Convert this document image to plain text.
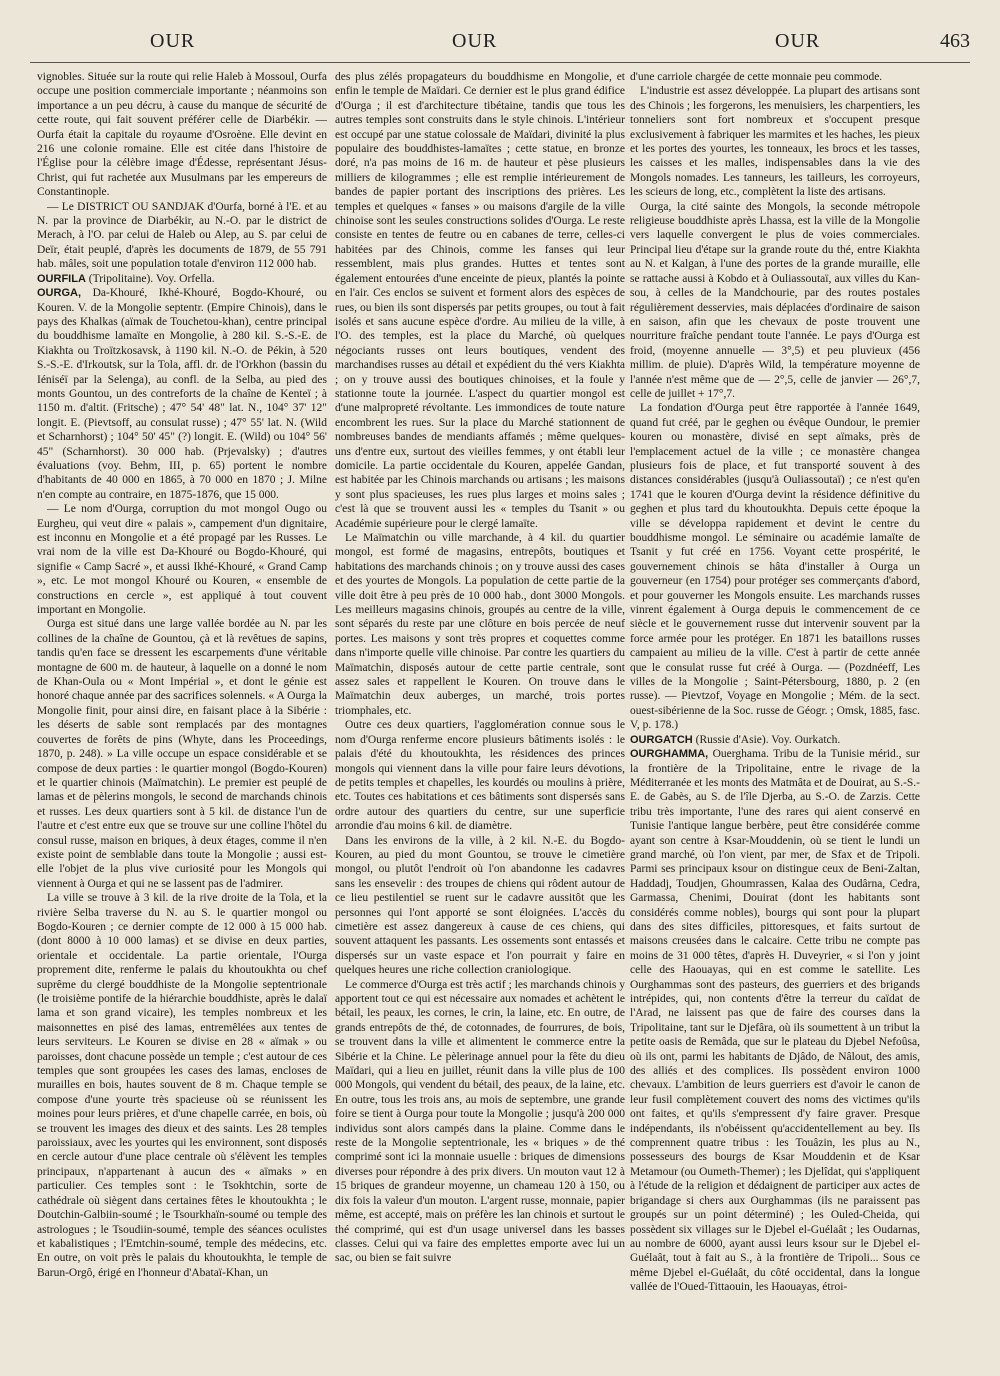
OUR	OUR	OUR	463

vignobles. Située sur la route qui relie Haleb à Mossoul, Ourfa occupe une position commerciale importante ; néanmoins son importance a un peu décru, à cause du manque de sécurité de cette route, qui fait souvent préférer celle de Diarbékir. — Ourfa était la capitale du royaume d'Osroène. Elle devint en 216 une colonie romaine. Elle est citée dans l'histoire de l'Église pour la célèbre image d'Édesse, représentant Jésus-Christ, qui fut rachetée aux Musulmans par les empereurs de Constantinople.

— Le DISTRICT OU SANDJAK d'Ourfa, borné à l'E. et au N. par la province de Diarbékir, au N.-O. par le district de Merach, à l'O. par celui de Haleb ou Alep, au S. par celui de Deïr, était peuplé, d'après les documents de 1879, de 55 791 hab. mâles, soit une population totale d'environ 112 000 hab.

OURFILA (Tripolitaine). Voy. Orfella.

OURGA, Da-Khouré, Ikhé-Khouré, Bogdo-Khouré, ou Kouren. V. de la Mongolie septentr. (Empire Chinois), dans le pays des Khalkas (aïmak de Touchetou-khan), centre principal du bouddhisme lamaïte en Mongolie, à 280 kil. S.-S.-E. de Kiakhta ou Troïtzkosavsk, à 1190 kil. N.-O. de Pékin, à 520 S.-S.-E. d'Irkoutsk, sur la Tola, affl. dr. de l'Orkhon (bassin du Iéniséï par la Selenga), au confl. de la Selba, au pied des monts Gountou, un des contreforts de la chaîne de Kenteï ; à 1150 m. d'altit. (Fritsche) ; 47° 54' 48" lat. N., 104° 37' 12" longit. E. (Pievtsoff, au consulat russe) ; 47° 55' lat. N. (Wild et Scharnhorst) ; 104° 50' 45" (?) longit. E. (Wild) ou 104° 56' 45" (Scharnhorst). 30 000 hab. (Prjevalsky) ; d'autres évaluations (voy. Behm, III, p. 65) portent le nombre d'habitants de 40 000 en 1865, à 70 000 en 1870 ; J. Milne n'en compte au contraire, en 1875-1876, que 15 000.

— Le nom d'Ourga, corruption du mot mongol Ougo ou Eurgheu, qui veut dire « palais », campement d'un dignitaire, est inconnu en Mongolie et a été propagé par les Russes. Le vrai nom de la ville est Da-Khouré ou Bogdo-Khouré, qui signifie « Camp Sacré », et aussi Ikhé-Khouré, « Grand Camp », etc. Le mot mongol Khouré ou Kouren, « ensemble de constructions en cercle », est appliqué à tout couvent important en Mongolie.

Ourga est situé dans une large vallée bordée au N. par les collines de la chaîne de Gountou, çà et là revêtues de sapins, tandis qu'en face se dressent les escarpements d'une véritable montagne de 600 m. de hauteur, à laquelle on a donné le nom de Khan-Oula ou « Mont Impérial », et dont le génie est honoré chaque année par des sacrifices solennels. « A Ourga la Mongolie finit, pour ainsi dire, en faisant place à la Sibérie : les déserts de sable sont remplacés par des montagnes couvertes de forêts de pins (Whyte, dans les Proceedings, 1870, p. 248). » La ville occupe un espace considérable et se compose de deux parties : le quartier mongol (Bogdo-Kouren) et le quartier chinois (Maïmatchin). Le premier est peuplé de lamas et de pèlerins mongols, le second de marchands chinois et russes. Les deux quartiers sont à 5 kil. de distance l'un de l'autre et c'est entre eux que se trouve sur une colline l'hôtel du consul russe, maison en briques, à deux étages, comme il n'en existe point de semblable dans toute la Mongolie ; aussi est-elle l'objet de la plus vive curiosité pour les Mongols qui viennent à Ourga et qui ne se lassent pas de l'admirer.

La ville se trouve à 3 kil. de la rive droite de la Tola, et la rivière Selba traverse du N. au S. le quartier mongol ou Bogdo-Kouren ; ce dernier compte de 12 000 à 15 000 hab. (dont 8000 à 10 000 lamas) et se divise en deux parties, orientale et occidentale. La partie orientale, l'Ourga proprement dite, renferme le palais du khoutoukhta ou chef suprême du clergé bouddhiste de la Mongolie septentrionale (le troisième pontife de la hiérarchie bouddhiste, après le dalaï lama et son grand vicaire), les temples nombreux et les maisonnettes en pisé des lamas, entremêlées aux tentes de leurs serviteurs. Le Kouren se divise en 28 « aïmak » ou paroisses, dont chacune possède un temple ; c'est autour de ces temples que sont groupées les cases des lamas, encloses de murailles en bois, hautes souvent de 8 m. Chaque temple se compose d'une yourte très spacieuse où se réunissent les moines pour leurs prières, et d'une chapelle carrée, en bois, où se trouvent les images des dieux et des saints. Les 28 temples paroissiaux, avec les yourtes qui les environnent, sont disposés en cercle autour d'une place centrale où s'élèvent les temples principaux, n'appartenant à aucun des « aïmaks » en particulier. Ces temples sont : le Tsokhtchin, sorte de cathédrale où siègent dans certaines fêtes le khoutoukhta ; le Doutchin-Galbiin-soumé ; le Tsourkhaïn-soumé ou temple des astrologues ; le Tsoudiin-soumé, temple des séances oculistes et kabalistiques ; l'Emtchin-soumé, temple des médecins, etc. En outre, on voit près le palais du khoutoukhta, le temple de Barun-Orgô, érigé en l'honneur d'Abataï-Khan, un

des plus zélés propagateurs du bouddhisme en Mongolie, et enfin le temple de Maïdari. Ce dernier est le plus grand édifice d'Ourga ; il est d'architecture tibétaine, tandis que tous les autres temples sont construits dans le style chinois. L'intérieur est occupé par une statue colossale de Maïdari, divinité la plus populaire des bouddhistes-lamaïtes ; cette statue, en bronze doré, n'a pas moins de 16 m. de hauteur et pèse plusieurs milliers de kilogrammes ; elle est remplie intérieurement de bandes de papier portant des inscriptions des prières. Les temples et quelques « fanses » ou maisons d'argile de la ville chinoise sont les seules constructions solides d'Ourga. Le reste consiste en tentes de feutre ou en cabanes de terre, celles-ci habitées par des Chinois, comme les fanses qui leur ressemblent, mais plus grandes. Huttes et tentes sont également entourées d'une enceinte de pieux, plantés la pointe en l'air. Ces enclos se suivent et forment alors des espèces de rues, ou bien ils sont dispersés par petits groupes, ou tout à fait isolés et sans aucune espèce d'ordre. Au milieu de la ville, à l'O. des temples, est la place du Marché, où quelques négociants russes ont leurs boutiques, vendent des marchandises russes au détail et expédient du thé vers Kiakhta ; on y trouve aussi des boutiques chinoises, et la foule y stationne toute la journée. L'aspect du quartier mongol est d'une malpropreté révoltante. Les immondices de toute nature encombrent les rues. Sur la place du Marché stationnent de nombreuses bandes de mendiants affamés ; même quelques-uns d'entre eux, surtout des vieilles femmes, y ont établi leur domicile. La partie occidentale du Kouren, appelée Gandan, est habitée par les Chinois marchands ou artisans ; les maisons y sont plus spacieuses, les rues plus larges et moins sales ; c'est là que se trouvent aussi les « temples du Tsanit » ou Académie supérieure pour le clergé lamaïte.

Le Maïmatchin ou ville marchande, à 4 kil. du quartier mongol, est formé de magasins, entrepôts, boutiques et habitations des marchands chinois ; on y trouve aussi des cases et des yourtes de Mongols. La population de cette partie de la ville doit être à peu près de 10 000 hab., dont 3000 Mongols. Les meilleurs magasins chinois, groupés au centre de la ville, sont séparés du reste par une clôture en bois percée de neuf portes. Les maisons y sont très propres et coquettes comme dans n'importe quelle ville chinoise. Par contre les quartiers du Maïmatchin, disposés autour de cette partie centrale, sont assez sales et rappellent le Kouren. On trouve dans le Maïmatchin deux auberges, un marché, trois portes triomphales, etc.

Outre ces deux quartiers, l'agglomération connue sous le nom d'Ourga renferme encore plusieurs bâtiments isolés : le palais d'été du khoutoukhta, les résidences des princes mongols qui viennent dans la ville pour faire leurs dévotions, de petits temples et chapelles, les kourdés ou moulins à prière, etc. Toutes ces habitations et ces bâtiments sont dispersés sans ordre autour des quartiers du centre, sur une superficie arrondie d'au moins 6 kil. de diamètre.

Dans les environs de la ville, à 2 kil. N.-E. du Bogdo-Kouren, au pied du mont Gountou, se trouve le cimetière mongol, ou plutôt l'endroit où l'on abandonne les cadavres sans les ensevelir : des troupes de chiens qui rôdent autour de ce lieu pestilentiel se ruent sur le cadavre aussitôt que les personnes qui l'ont apporté se sont éloignées. L'accès du cimetière est assez dangereux à cause de ces chiens, qui souvent attaquent les passants. Les ossements sont entassés et dispersés sur un vaste espace et l'on pourrait y faire en quelques heures une riche collection craniologique.

Le commerce d'Ourga est très actif ; les marchands chinois y apportent tout ce qui est nécessaire aux nomades et achètent le bétail, les peaux, les cornes, le crin, la laine, etc. En outre, de grands entrepôts de thé, de cotonnades, de fourrures, de bois, se trouvent dans la ville et alimentent le commerce entre la Sibérie et la Chine. Le pèlerinage annuel pour la fête du dieu Maïdari, qui a lieu en juillet, réunit dans la ville plus de 100 000 Mongols, qui vendent du bétail, des peaux, de la laine, etc. En outre, tous les trois ans, au mois de septembre, une grande foire se tient à Ourga pour toute la Mongolie ; jusqu'à 200 000 individus sont alors campés dans la plaine. Comme dans le reste de la Mongolie septentrionale, les « briques » de thé comprimé sont ici la monnaie usuelle : briques de dimensions diverses pour répondre à des prix divers. Un mouton vaut 12 à 15 briques de grandeur moyenne, un chameau 120 à 150, ou dix fois la valeur d'un mouton. L'argent russe, monnaie, papier même, est accepté, mais on préfère les lan chinois et surtout le thé comprimé, qui est d'un usage universel dans les basses classes. Celui qui va faire des emplettes emporte avec lui un sac, ou bien se fait suivre

d'une carriole chargée de cette monnaie peu commode.

L'industrie est assez développée. La plupart des artisans sont des Chinois ; les forgerons, les menuisiers, les charpentiers, les tonneliers sont fort nombreux et s'occupent presque exclusivement à fabriquer les marmites et les haches, les pieux et les portes des yourtes, les tonneaux, les brocs et les tasses, les caisses et les malles, indispensables dans la vie des Mongols nomades. Les tanneurs, les tailleurs, les corroyeurs, les scieurs de long, etc., complètent la liste des artisans.

Ourga, la cité sainte des Mongols, la seconde métropole religieuse bouddhiste après Lhassa, est la ville de la Mongolie vers laquelle convergent le plus de voies commerciales. Principal lieu d'étape sur la grande route du thé, entre Kiakhta au N. et Kalgan, à l'une des portes de la grande muraille, elle se rattache aussi à Kobdo et à Ouliassoutaï, aux villes du Kan-sou, à celles de la Mandchourie, par des routes postales régulièrement desservies, mais déplacées d'ordinaire de saison en saison, afin que les chevaux de poste trouvent une nourriture fraîche pendant toute l'année. Le pays d'Ourga est froid, (moyenne annuelle — 3°,5) et peu pluvieux (456 millim. de pluie). D'après Wild, la température moyenne de l'année n'est même que de — 2°,5, celle de janvier — 26°,7, celle de juillet + 17°,7.

La fondation d'Ourga peut être rapportée à l'année 1649, quand fut créé, par le geghen ou évêque Oundour, le premier kouren ou monastère, divisé en sept aïmaks, près de l'emplacement actuel de la ville ; ce monastère changea plusieurs fois de place, et fut transporté souvent à des distances considérables (jusqu'à Ouliassoutaï) ; ce n'est qu'en 1741 que le kouren d'Ourga devint la résidence définitive du geghen et plus tard du khoutoukhta. Depuis cette époque la ville se développa rapidement et devint le centre du bouddhisme mongol. Le séminaire ou académie lamaïte de Tsanit y fut créé en 1756. Voyant cette prospérité, le gouvernement chinois se hâta d'installer à Ourga un gouverneur (en 1754) pour protéger ses commerçants d'abord, et pour gouverner les Mongols ensuite. Les marchands russes vinrent également à Ourga depuis le commencement de ce siècle et le gouvernement russe dut intervenir souvent par la force armée pour les protéger. En 1871 les bataillons russes campaient au milieu de la ville. C'est à partir de cette année que le consulat russe fut créé à Ourga. — (Pozdnéeff, Les villes de la Mongolie ; Saint-Pétersbourg, 1880, p. 2 (en russe). — Pievtzof, Voyage en Mongolie ; Mém. de la sect. ouest-sibérienne de la Soc. russe de Géogr. ; Omsk, 1885, fasc. V, p. 178.)

OURGATCH (Russie d'Asie). Voy. Ourkatch.

OURGHAMMA, Ouerghama. Tribu de la Tunisie mérid., sur la frontière de la Tripolitaine, entre le rivage de la Méditerranée et les monts des Matmâta et de Douirat, au S.-S.-E. de Gabès, au S. de l'île Djerba, au S.-O. de Zarzis. Cette tribu très importante, l'une des rares qui aient conservé en Tunisie l'antique langue berbère, peut être considérée comme ayant son centre à Ksar-Mouddenin, où se tient le lundi un grand marché, où l'on vient, par mer, de Sfax et de Tripoli. Parmi ses principaux ksour on distingue ceux de Beni-Zaltan, Haddadj, Toudjen, Ghoumrassen, Kalaa des Oudârna, Cedra, Garmassa, Chenimi, Douirat (dont les habitants sont considérés comme nobles), bourgs qui sont pour la plupart dans des sites difficiles, pittoresques, et faits surtout de maisons creusées dans le calcaire. Cette tribu ne compte pas moins de 31 000 têtes, d'après H. Duveyrier, « si l'on y joint celle des Haouayas, qui en est comme le satellite. Les Ourghammas sont des pasteurs, des guerriers et des brigands intrépides, qui, non contents d'être la terreur du caïdat de l'Arad, ne laissent pas que de faire des courses dans la Tripolitaine, tant sur le Djefâra, où ils soumettent à un tribut la petite oasis de Remâda, que sur le plateau du Djebel Nefoûsa, où ils ont, parmi les habitants de Djâdo, de Nâlout, des amis, des alliés et des complices. Ils possèdent environ 1000 chevaux. L'ambition de leurs guerriers est d'avoir le canon de leur fusil complètement couvert des noms des victimes qu'ils ont faites, et qu'ils s'empressent d'y faire graver. Presque indépendants, ils n'obéissent qu'accidentellement au bey. Ils comprennent quatre tribus : les Touâzin, les plus au N., possesseurs des bourgs de Ksar Mouddenin et de Ksar Metamour (ou Oumeth-Themer) ; les Djelîdat, qui s'appliquent à l'étude de la religion et dédaignent de participer aux actes de brigandage si chers aux Ourghammas (ils ne paraissent pas groupés sur un point déterminé) ; les Ouled-Cheida, qui possèdent six villages sur le Djebel el-Guélaât ; les Oudarnas, au nombre de 6000, ayant aussi leurs ksour sur le Djebel el-Guélaât, tout à fait au S., à la frontière de Tripoli... Sous ce même Djebel el-Guélaât, du côté occidental, dans la longue vallée de l'Oued-Tittaouin, les Haouayas, étroi-
